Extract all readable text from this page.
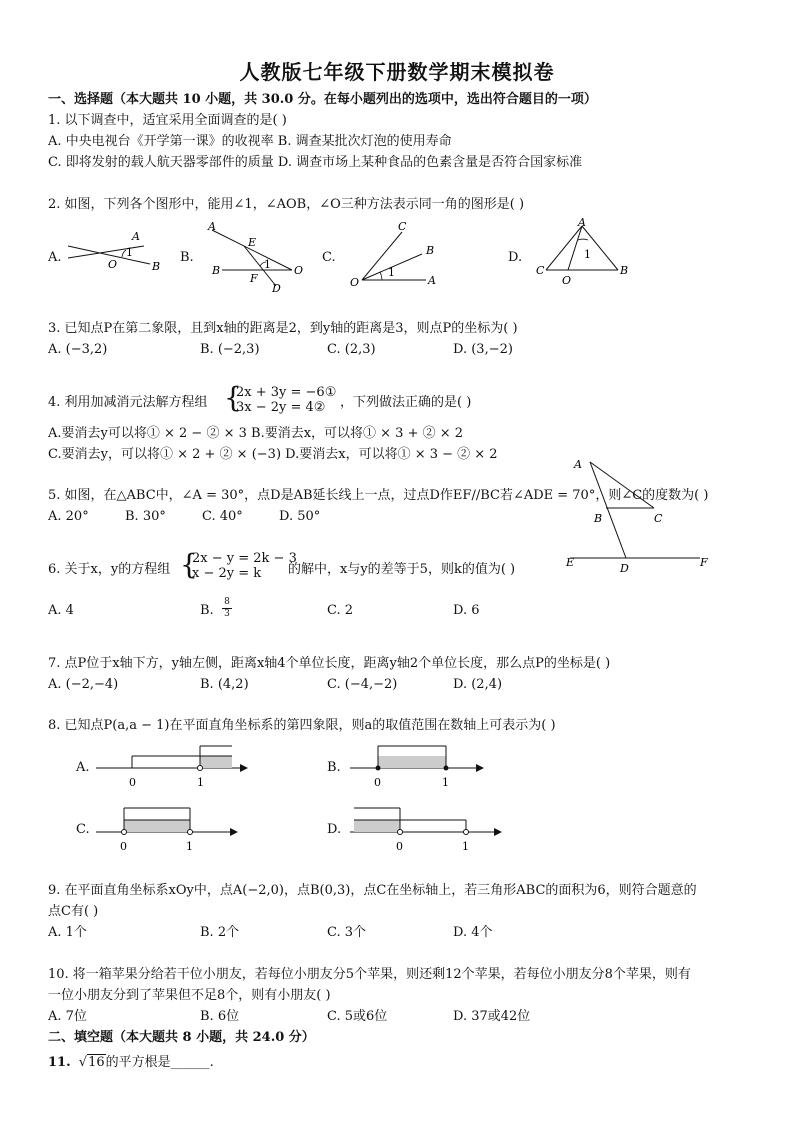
人教版七年级下册数学期末模拟卷
一、选择题（本大题共 10 小题，共 30.0 分。在每小题列出的选项中，选出符合题目的一项）
1. 以下调查中，适宜采用全面调查的是( )
A. 中央电视台《开学第一课》的收视率 B. 调查某批次灯泡的使用寿命
C. 即将发射的载人航天器零部件的质量 D. 调查市场上某种食品的色素含量是否符合国家标准
2. 如图，下列各个图形中，能用∠1，∠AOB，∠O三种方法表示同一角的图形是( )
A.	B.	C.	D.
A
1
O	B
A
E
B	1 O
F
D
C
B
1
O	A
A
1
C
O
B
3. 已知点P在第二象限，且到x轴的距离是2，到y轴的距离是3，则点P的坐标为( )
A. (−3,2)	B. (−2,3)	C. (2,3)	D. (3,−2)
4. 利用加减消元法解方程组 {
2x + 3y = −6①
3x − 2y = 4② ，下列做法正确的是( )
A.要消去y可以将① × 2 − ② × 3 B.要消去x，可以将① × 3 + ② × 2
C.要消去y，可以将① × 2 + ② × (−3) D.要消去x，可以将① × 3 − ② × 2
5. 如图，在△ABC中，∠A = 30°，点D是AB延长线上一点，过点D作EF//BC若∠ADE = 70°，则∠C的度数为( )
A. 20°	B. 30°	C. 40°	D. 50°
A
B	C
E	D	F
6. 关于x，y的方程组 {
2x − y = 2k − 3
x − 2y = k 的解中，x与y的差等于5，则k的值为( )
A. 4	B.
8
3	C. 2	D. 6
7. 点P位于x轴下方，y轴左侧，距离x轴4个单位长度，距离y轴2个单位长度，那么点P的坐标是( )
A. (−2,−4)	B. (4,2)	C. (−4,−2)	D. (2,4)
8. 已知点P(a,a − 1)在平面直角坐标系的第四象限，则a的取值范围在数轴上可表示为( )
A.	B.
C.	D.
0	1	0	1
0	1	0	1
9. 在平面直角坐标系xOy中，点A(−2,0)，点B(0,3)，点C在坐标轴上，若三角形ABC的面积为6，则符合题意的
点C有( )
A. 1个	B. 2个	C. 3个	D. 4个
10. 将一箱苹果分给若干位小朋友，若每位小朋友分5个苹果，则还剩12个苹果，若每位小朋友分8个苹果，则有
一位小朋友分到了苹果但不足8个，则有小朋友( )
A. 7位	B. 6位	C. 5或6位	D. 37或42位
二、填空题（本大题共 8 小题，共 24.0 分）
11. √16的平方根是______.
